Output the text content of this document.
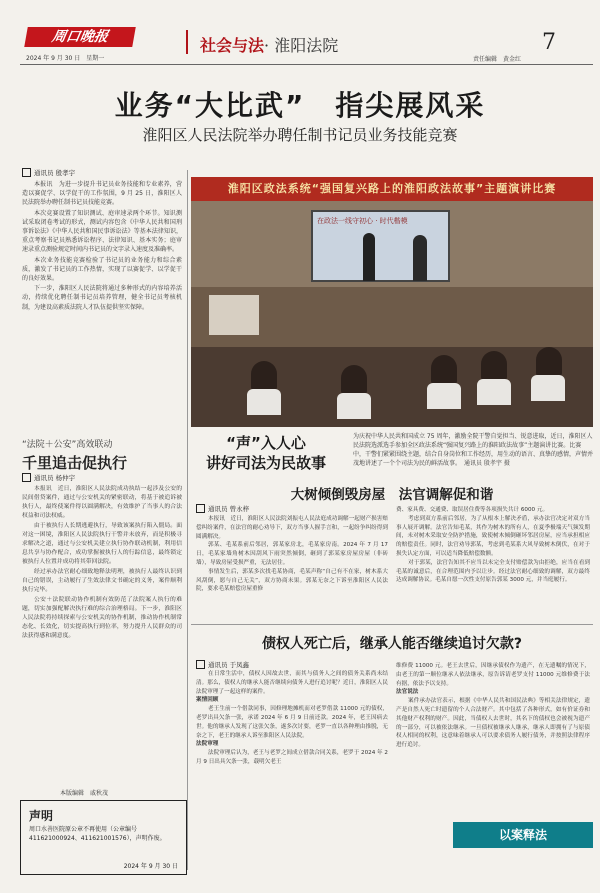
周口晚报
2024 年 9 月 30 日　星期一
社会与法· 淮阳法院
责任编辑　黄金红
7
业务“大比武”　指尖展风采
淮阳区人民法院举办聘任制书记员业务技能竞赛
通讯员 殷孝宇

本报讯　为进一步提升书记员业务技能和专业素养，营造以赛促学、以学促干的工作氛围，9 月 25 日，淮阳区人民法院举办聘任制书记员技能竞赛。

本次竞赛设置了知识测试、庭审速录两个环节。知识测试采取闭卷考试的形式，测试内容包含《中华人民共和国刑事诉讼法》《中华人民共和国民事诉讼法》等基本法律知识，重点考察书记员熟悉诉讼程序、法律知识、基本实务；庭审速录重点测验规定时间内书记员的文字录入速度及准确率。

本次业务技能竞赛检验了书记员的业务能力和综合素质，激发了书记员的工作热情，实现了以赛促学、以学促干的良好效果。

下一步，淮阳区人民法院将通过多种形式的内容培养活动，持续优化聘任制书记员培养管理，健全书记员考核机制，为建设高素质法院人才队伍提供坚实保障。

淮阳区政法系统“强国复兴路上的淮阳政法故事”主题演讲比赛
在政法一线守初心 · 时代楷模
“声”入人心
讲好司法为民故事
为庆祝中华人民共和国成立 75 周年，激励全院干警自觉担当、锐意进取，近日，淮阳区人民法院选派选手参加全区政法系统“强国复兴路上的淮阳政法故事”主题演讲比赛。比赛中，干警们紧紧围绕主题，结合自身岗位和工作经历，用生动的语言、真挚的感情，声情并茂地讲述了一个个司法为民的鲜活故事。　通讯员 殷孝宇 摄
“法院＋公安”高效联动
千里追击促执行
通讯员 杨仲宇

本报讯　近日，淮阳区人民法院成功执结一起涉及公安的民间借贷案件，通过与公安机关的紧密联动，将基于被追诉被执行人，最终使案件得以圆满解决，有效维护了当事人的合法权益和司法权威。

由于被执行人长期逃避执行，导致该案执行陷入僵局。面对这一困境，淮阳区人民法院执行干警并未放弃，而是积极寻求解决之道，通过与公安机关建立执行协作联动机制，利用信息共享与协作配合，成功掌握被执行人的行踪信息，最终锁定被执行人位置并成功将其带回法院。

经过承办法官耐心细致地释法明理，被执行人最终认识到自己的错误，主动履行了生效法律文书确定的义务，案件顺利执行完毕。

公安＋法院联动协作机制有效防范了法院案人执行的难题，切实加强配解决执行难的综合治理格局。下一步，淮阳区人民法院将持续探索与公安机关的协作机制，推动协作机制常态化、长效化，切实提高执行到位率，努力提升人民群众的司法获得感和满意度。

本版编辑　戚秋茂
声明
周口水善医院原公章不再使用（公章编号 411621000924、411621001576），声明作废。
2024 年 9 月 30 日
大树倾倒毁房屋　法官调解促和谐
通讯员 曾永梓

本报讯　近日，淮阳区人民法院刘振屯人民法庭成功调解一起财产损害赔偿纠纷案件，在法官的耐心劝导下，双方当事人握手言和，一起纷争纠纷得到圆满解决。

郭某、毛某系前后邻居，郭某家房北，毛某家房南。2024 年 7 月 17 日，毛某家墙角树木因刮风下雨突然倾倒，砸到了郭某家房屋房屋（非砖墙），导致房屋受损严重，无法居住。

事情发生后，郭某多次找毛某协商，毛某声称“自己有不在家，树木系大风刮倒，愿与自己无关”，双方协商未果。郭某无奈之下诉至淮阳区人民法院，要求毛某赔偿房屋重修

费、家具费、交通费、取误居住费等各项损失共计 6000 元。

考虑到双方系前后邻居，为了从根本上解决矛盾，承办法官决定对双方当事人展开调解。法官告知毛某，其作为树木的所有人，在夏季极端天气频发期间，未对树木采取安全防护措施，致使树木倾倒砸坏邻居房屋，应当承担相应的赔偿责任。同时，法官劝导郭某，考虑到毛某系大风导致树木倒伏，在对于损失认定方面，可以适当降低赔偿数额。

对于郭某，法官告知其不应当以未完全支付赔偿款为由拒绝，应当在看到毛某的诚意后，在合理范围内予以让步。经过法官耐心细致的调解，双方最终达成调解协议。毛某自愿一次性支付原告郭某 3000 元，并当庭履行。

债权人死亡后，继承人能否继续追讨欠款?
通讯员 于凤鑫

在日常生活中，债权人因故去世，而其与债务人之间的债务关系尚未结清。那么，债权人的继承人能否继续向债务人进行追讨呢？近日，淮阳区人民法院审理了一起这样的案件。

案情回顾

老王生前一个借款同事，因修理地摊机而对老罗借款 11000 元的债权，老罗出具欠条一张，承诺 2024 年 6 月 9 日前还款。2024 年，老王因病去世。他的继承人发现了这张欠条，遂多次讨要，老罗一直以各种理由推脱，无奈之下，老王的继承人诉至淮阳区人民法院。

法院审理

法院审理后认为，老王与老罗之间成立借款合同关系，老罗于 2024 年 2 月 9 日出具欠条一张，载明欠老王

维修费 11000 元。老王去世后，因继承债权作为遗产，在无遗嘱的情况下，由老王的第一顺位继承人依法继承，原告诉请老罗支付 11000 元维修费于法有据，依法予以支持。

法官说法

案件承办法官表示，根据《中华人民共和国民法典》等相关法律规定，遗产是自然人死亡时遗留的个人合法财产。其中包括了各种形式，如有价证券和其他财产权利的财产。因此，当债权人去世时，其名下的债权也会被视为遗产的一部分，可以被依法继承。一旦债权被继承人继承，继承人即拥有了与原债权人相同的权利，这意味着继承人可以要求债务人履行债务，并按照法律程序进行追讨。

以案释法
